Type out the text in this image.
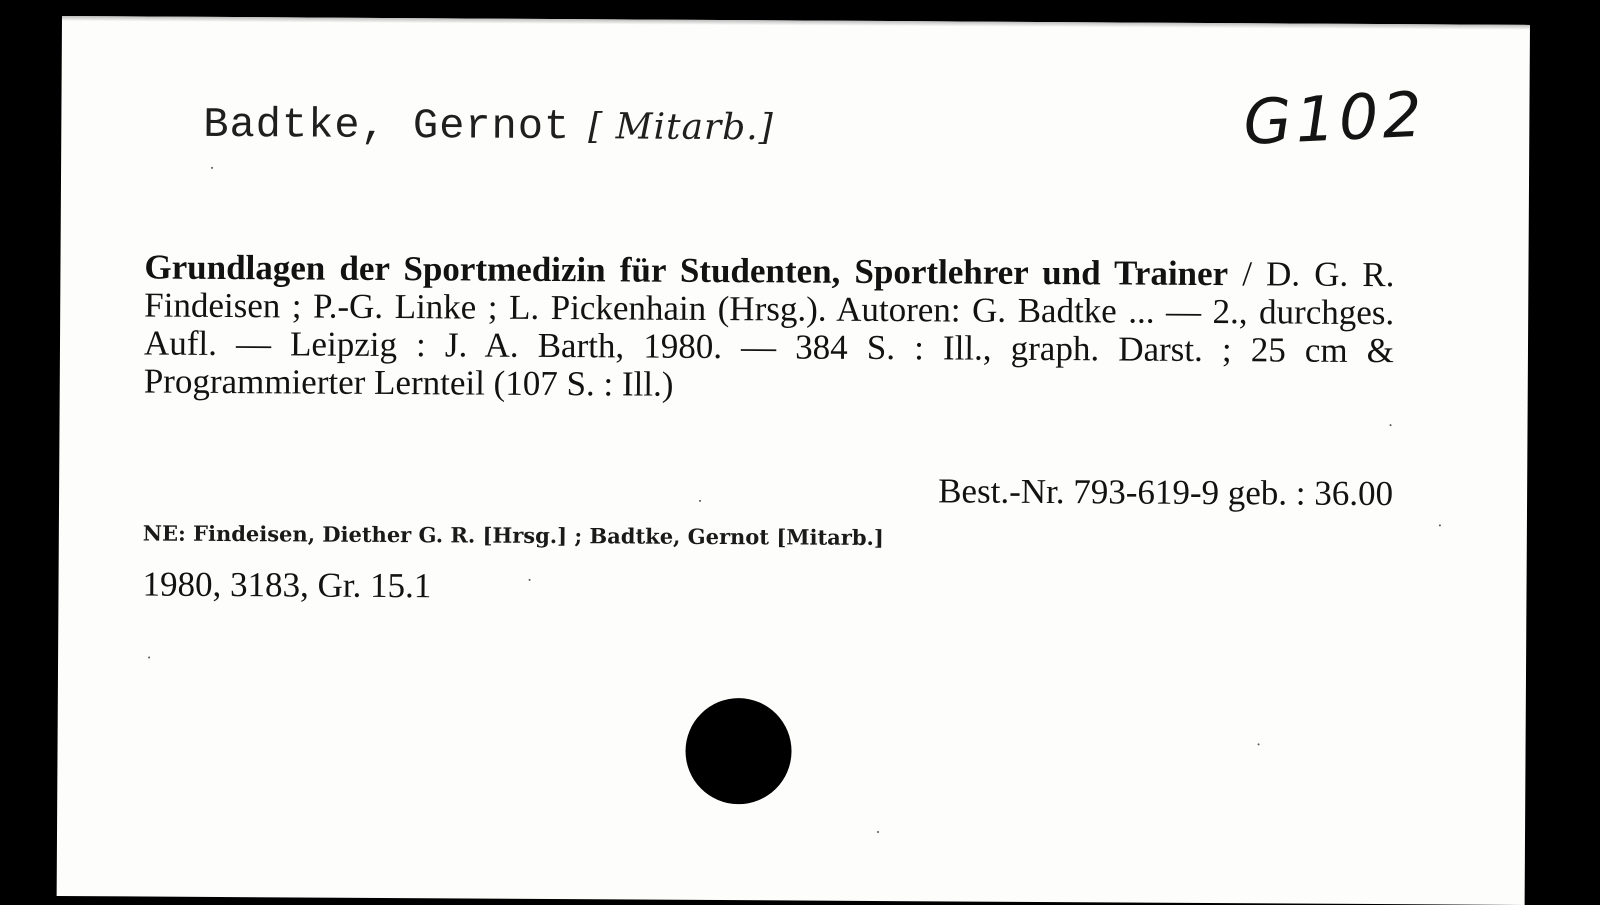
Badtke, Gernot [ Mitarb.]	G102
Grundlagen der Sportmedizin für Studenten, Sportlehrer und Trainer / D. G. R. Findeisen ; P.-G. Linke ; L. Pickenhain (Hrsg.). Autoren: G. Badtke ... — 2., durchges. Aufl. — Leipzig : J. A. Barth, 1980. — 384 S. : Ill., graph. Darst. ; 25 cm & Programmierter Lernteil (107 S. : Ill.)
Best.-Nr. 793-619-9 geb. : 36.00
NE: Findeisen, Diether G. R. [Hrsg.] ; Badtke, Gernot [Mitarb.]
1980, 3183, Gr. 15.1
